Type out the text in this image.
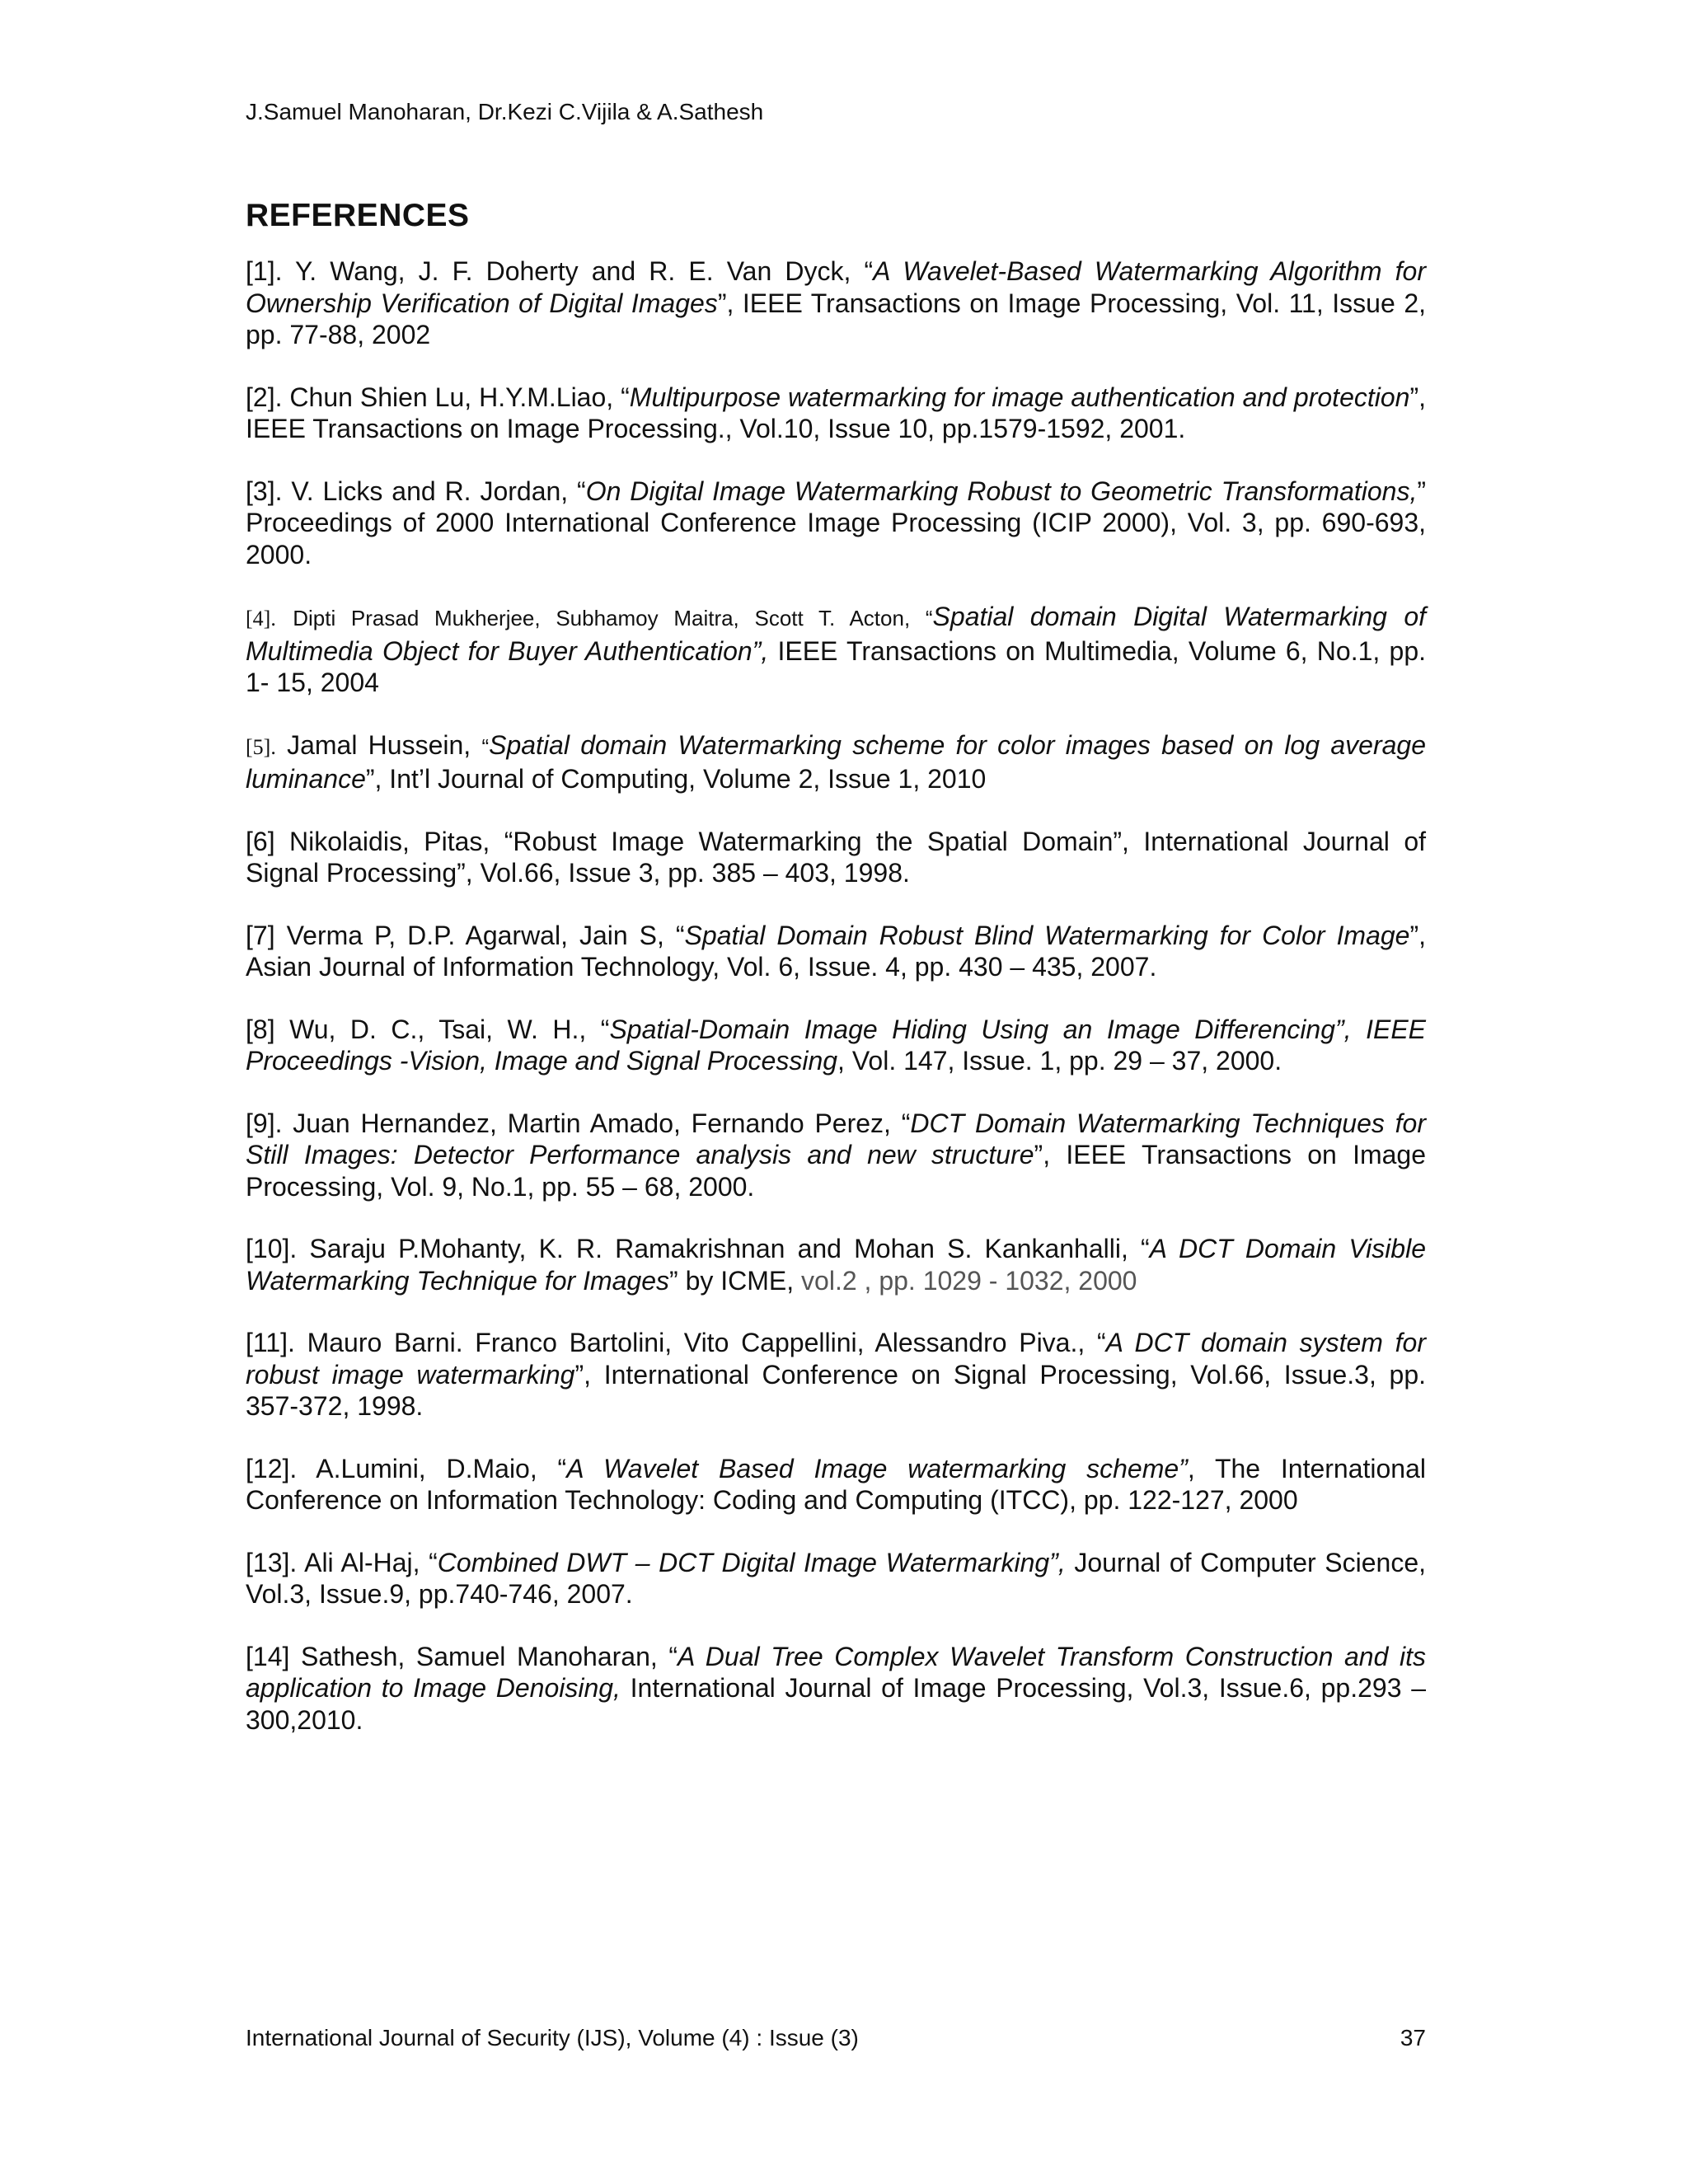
J.Samuel Manoharan, Dr.Kezi C.Vijila & A.Sathesh
REFERENCES

[1]. Y. Wang, J. F. Doherty and R. E. Van Dyck, “A Wavelet-Based Watermarking Algorithm for Ownership Verification of Digital Images”, IEEE Transactions on Image Processing, Vol. 11, Issue 2, pp. 77-88, 2002

[2]. Chun Shien Lu, H.Y.M.Liao, “Multipurpose watermarking for image authentication and protection”, IEEE Transactions on Image Processing., Vol.10, Issue 10, pp.1579-1592, 2001.

[3]. V. Licks and R. Jordan, “On Digital Image Watermarking Robust to Geometric Transformations,” Proceedings of 2000 International Conference Image Processing (ICIP 2000), Vol. 3, pp. 690-693, 2000.

[4]. Dipti Prasad Mukherjee, Subhamoy Maitra, Scott T. Acton, “Spatial domain Digital Watermarking of Multimedia Object for Buyer Authentication”, IEEE Transactions on Multimedia, Volume 6, No.1, pp. 1- 15, 2004

[5]. Jamal Hussein, “Spatial domain Watermarking scheme for color images based on log average luminance”, Int’l Journal of Computing, Volume 2, Issue 1, 2010

[6] Nikolaidis, Pitas, “Robust Image Watermarking the Spatial Domain”, International Journal of Signal Processing”, Vol.66, Issue 3, pp. 385 – 403, 1998.

[7] Verma P, D.P. Agarwal, Jain S, “Spatial Domain Robust Blind Watermarking for Color Image”, Asian Journal of Information Technology, Vol. 6, Issue. 4, pp. 430 – 435, 2007.

[8] Wu, D. C., Tsai, W. H., “Spatial-Domain Image Hiding Using an Image Differencing”, IEEE Proceedings -Vision, Image and Signal Processing, Vol. 147, Issue. 1, pp. 29 – 37, 2000.

[9]. Juan Hernandez, Martin Amado, Fernando Perez, “DCT Domain Watermarking Techniques for Still Images: Detector Performance analysis and new structure”, IEEE Transactions on Image Processing, Vol. 9, No.1, pp. 55 – 68, 2000.

[10]. Saraju P.Mohanty, K. R. Ramakrishnan and Mohan S. Kankanhalli, “A DCT Domain Visible Watermarking Technique for Images” by ICME, vol.2 , pp. 1029 - 1032, 2000

[11]. Mauro Barni. Franco Bartolini, Vito Cappellini, Alessandro Piva., “A DCT domain system for robust image watermarking”, International Conference on Signal Processing, Vol.66, Issue.3, pp. 357-372, 1998.

[12]. A.Lumini, D.Maio, “A Wavelet Based Image watermarking scheme”, The International Conference on Information Technology: Coding and Computing (ITCC), pp. 122-127, 2000

[13]. Ali Al-Haj, “Combined DWT – DCT Digital Image Watermarking”, Journal of Computer Science, Vol.3, Issue.9, pp.740-746, 2007.

[14] Sathesh, Samuel Manoharan, “A Dual Tree Complex Wavelet Transform Construction and its application to Image Denoising, International Journal of Image Processing, Vol.3, Issue.6, pp.293 – 300,2010.

International Journal of Security (IJS), Volume (4) : Issue (3)	37
